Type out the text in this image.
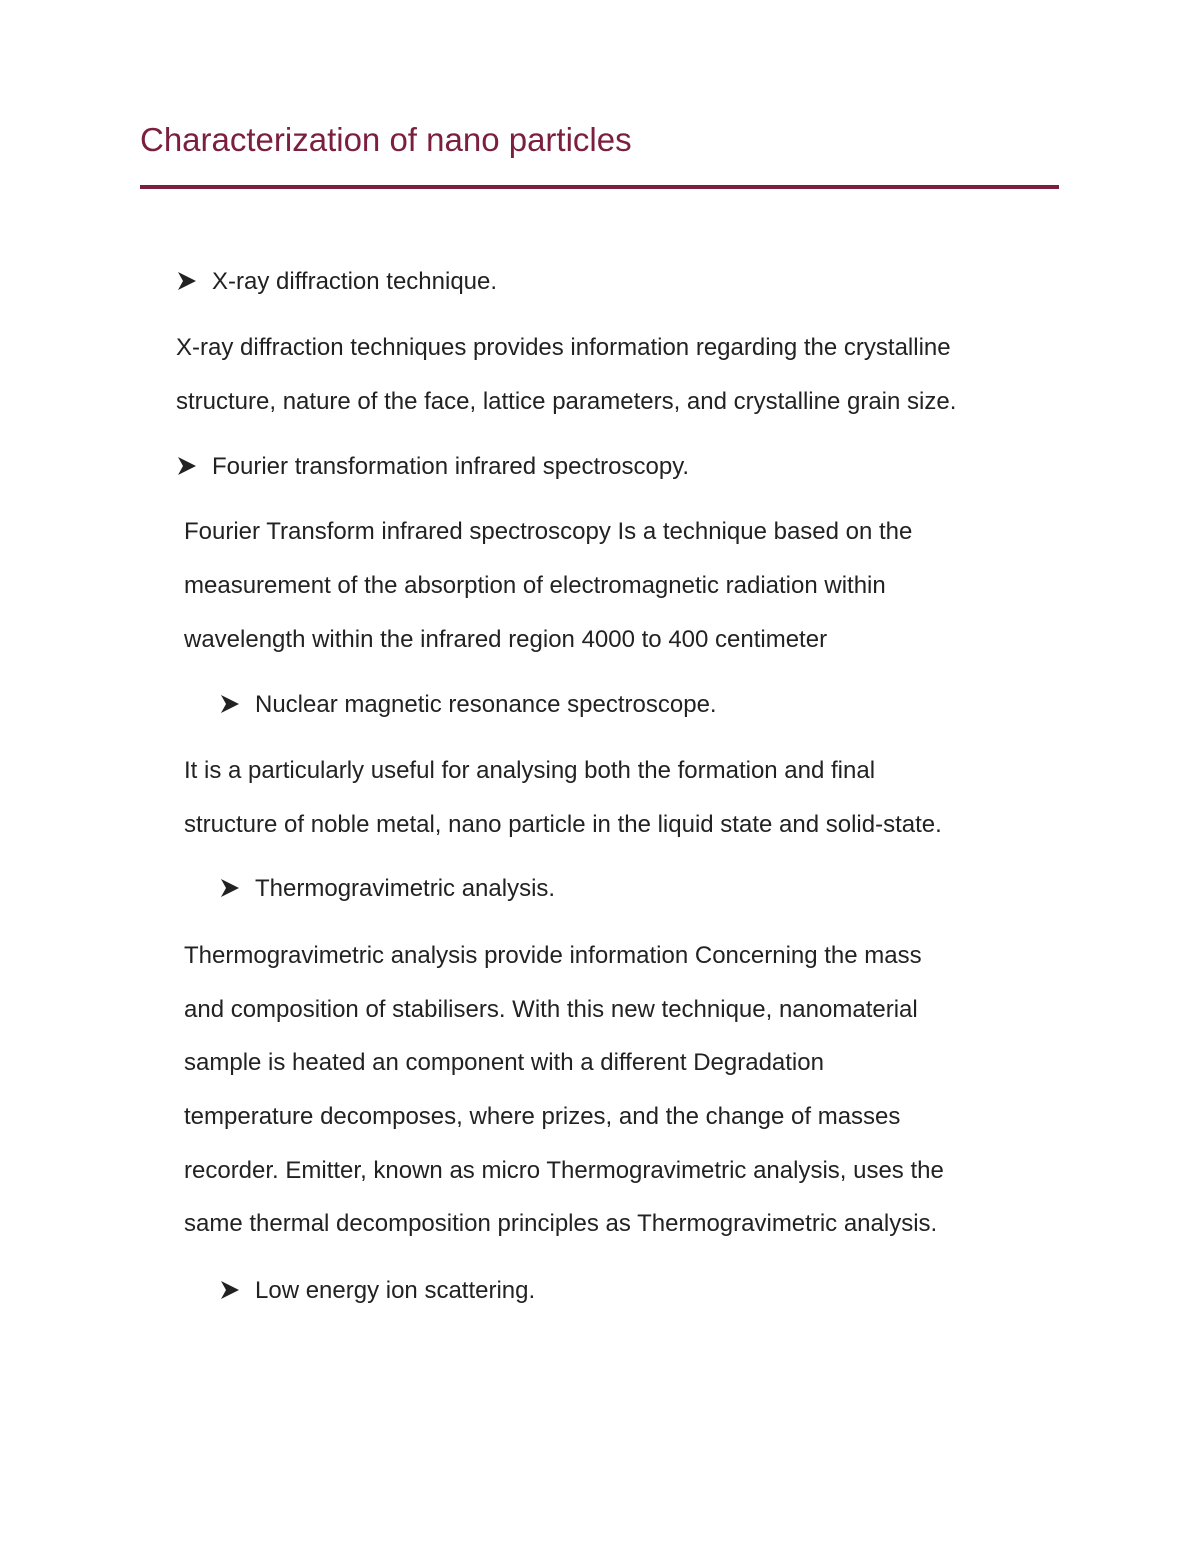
Characterization of nano particles
X-ray diffraction technique.
X-ray diffraction techniques provides information regarding the crystalline
structure, nature of the face, lattice parameters, and crystalline grain size.
Fourier transformation infrared spectroscopy.
Fourier Transform infrared spectroscopy Is a technique based on the
measurement of the absorption of electromagnetic radiation within
wavelength within the infrared region 4000 to 400 centimeter
Nuclear magnetic resonance spectroscope.
It is a particularly useful for analysing both the formation and final
structure of noble metal, nano particle in the liquid state and solid-state.
Thermogravimetric analysis.
Thermogravimetric analysis provide information Concerning the mass
and composition of stabilisers. With this new technique, nanomaterial
sample is heated an component with a different Degradation
temperature decomposes, where prizes, and the change of masses
recorder. Emitter, known as micro Thermogravimetric analysis, uses the
same thermal decomposition principles as Thermogravimetric analysis.
Low energy ion scattering.
